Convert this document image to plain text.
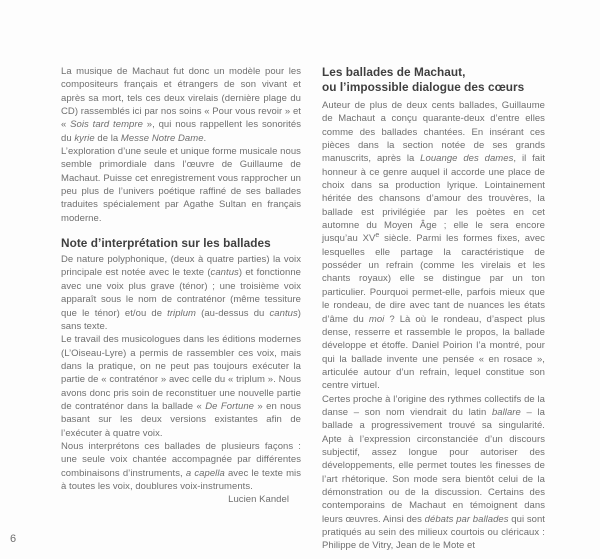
La musique de Machaut fut donc un modèle pour les compositeurs français et étrangers de son vivant et après sa mort, tels ces deux virelais (dernière plage du CD) rassemblés ici par nos soins « Pour vous revoir » et « Sois tard tempre », qui nous rappellent les sonorités du kyrie de la Messe Notre Dame.

L’exploration d’une seule et unique forme musicale nous semble primordiale dans l’œuvre de Guillaume de Machaut. Puisse cet enregistrement vous rapprocher un peu plus de l’univers poétique raffiné de ses ballades traduites spécialement par Agathe Sultan en français moderne.

Note d’interprétation sur les ballades

De nature polyphonique, (deux à quatre parties) la voix principale est notée avec le texte (cantus) et fonctionne avec une voix plus grave (ténor) ; une troisième voix apparaît sous le nom de contraténor (même tessiture que le ténor) et/ou de triplum (au-dessus du cantus) sans texte.

Le travail des musicologues dans les éditions modernes (L’Oiseau-Lyre) a permis de rassembler ces voix, mais dans la pratique, on ne peut pas toujours exécuter la partie de « contraténor » avec celle du « triplum ». Nous avons donc pris soin de reconstituer une nouvelle partie de contraténor dans la ballade « De Fortune » en nous basant sur les deux versions existantes afin de l’exécuter à quatre voix.

Nous interprétons ces ballades de plusieurs façons : une seule voix chantée accompagnée par différentes combinaisons d’instruments, a capella avec le texte mis à toutes les voix, doublures voix-instruments.

Lucien Kandel
Les ballades de Machaut,
ou l’impossible dialogue des cœurs

Auteur de plus de deux cents ballades, Guillaume de Machaut a conçu quarante-deux d’entre elles comme des ballades chantées. En insérant ces pièces dans la section notée de ses grands manuscrits, après la Louange des dames, il fait honneur à ce genre auquel il accorde une place de choix dans sa production lyrique. Lointainement héritée des chansons d’amour des trouvères, la ballade est privilégiée par les poètes en cet automne du Moyen Âge ; elle le sera encore jusqu’au XVe siècle. Parmi les formes fixes, avec lesquelles elle partage la caractéristique de posséder un refrain (comme les virelais et les chants royaux) elle se distingue par un ton particulier. Pourquoi permet-elle, parfois mieux que le rondeau, de dire avec tant de nuances les états d’âme du moi ? Là où le rondeau, d’aspect plus dense, resserre et rassemble le propos, la ballade développe et étoffe. Daniel Poirion l’a montré, pour qui la ballade invente une pensée « en rosace », articulée autour d’un refrain, lequel constitue son centre virtuel.

Certes proche à l’origine des rythmes collectifs de la danse – son nom viendrait du latin ballare – la ballade a progressivement trouvé sa singularité. Apte à l’expression circonstanciée d’un discours subjectif, assez longue pour autoriser des développements, elle permet toutes les finesses de l’art rhétorique. Son mode sera bientôt celui de la démonstration ou de la discussion. Certains des contemporains de Machaut en témoignent dans leurs œuvres. Ainsi des débats par ballades qui sont pratiqués au sein des milieux courtois ou cléricaux : Philippe de Vitry, Jean de le Mote et

6
